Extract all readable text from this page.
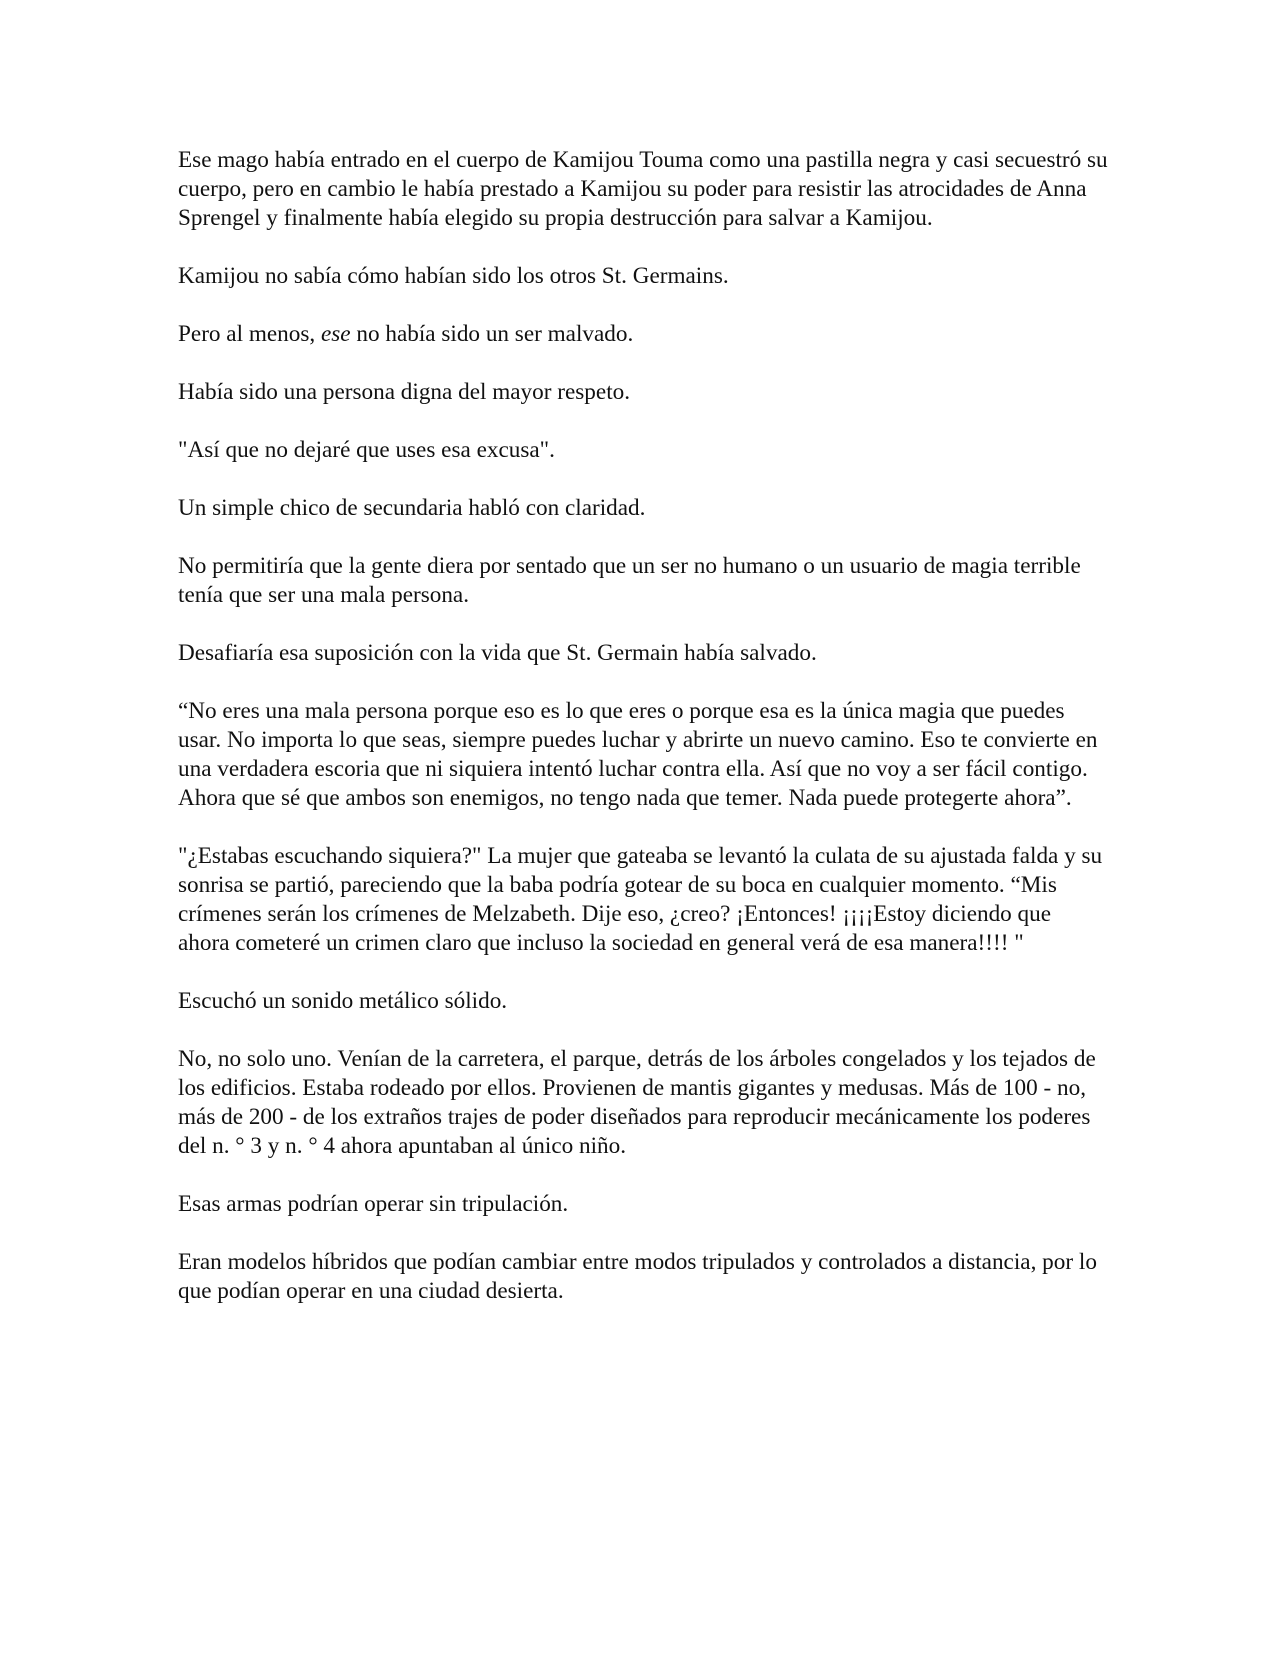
Ese mago había entrado en el cuerpo de Kamijou Touma como una pastilla negra y casi secuestró su cuerpo, pero en cambio le había prestado a Kamijou su poder para resistir las atrocidades de Anna Sprengel y finalmente había elegido su propia destrucción para salvar a Kamijou.

Kamijou no sabía cómo habían sido los otros St. Germains.

Pero al menos, ese no había sido un ser malvado.

Había sido una persona digna del mayor respeto.

"Así que no dejaré que uses esa excusa".

Un simple chico de secundaria habló con claridad.

No permitiría que la gente diera por sentado que un ser no humano o un usuario de magia terrible tenía que ser una mala persona.

Desafiaría esa suposición con la vida que St. Germain había salvado.

“No eres una mala persona porque eso es lo que eres o porque esa es la única magia que puedes usar. No importa lo que seas, siempre puedes luchar y abrirte un nuevo camino. Eso te convierte en una verdadera escoria que ni siquiera intentó luchar contra ella. Así que no voy a ser fácil contigo. Ahora que sé que ambos son enemigos, no tengo nada que temer. Nada puede protegerte ahora”.

"¿Estabas escuchando siquiera?" La mujer que gateaba se levantó la culata de su ajustada falda y su sonrisa se partió, pareciendo que la baba podría gotear de su boca en cualquier momento. “Mis crímenes serán los crímenes de Melzabeth. Dije eso, ¿creo? ¡Entonces! ¡¡¡¡Estoy diciendo que ahora cometeré un crimen claro que incluso la sociedad en general verá de esa manera!!!! "

Escuchó un sonido metálico sólido.

No, no solo uno. Venían de la carretera, el parque, detrás de los árboles congelados y los tejados de los edificios. Estaba rodeado por ellos. Provienen de mantis gigantes y medusas. Más de 100 - no, más de 200 - de los extraños trajes de poder diseñados para reproducir mecánicamente los poderes del n. ° 3 y n. ° 4 ahora apuntaban al único niño.

Esas armas podrían operar sin tripulación.

Eran modelos híbridos que podían cambiar entre modos tripulados y controlados a distancia, por lo que podían operar en una ciudad desierta.
